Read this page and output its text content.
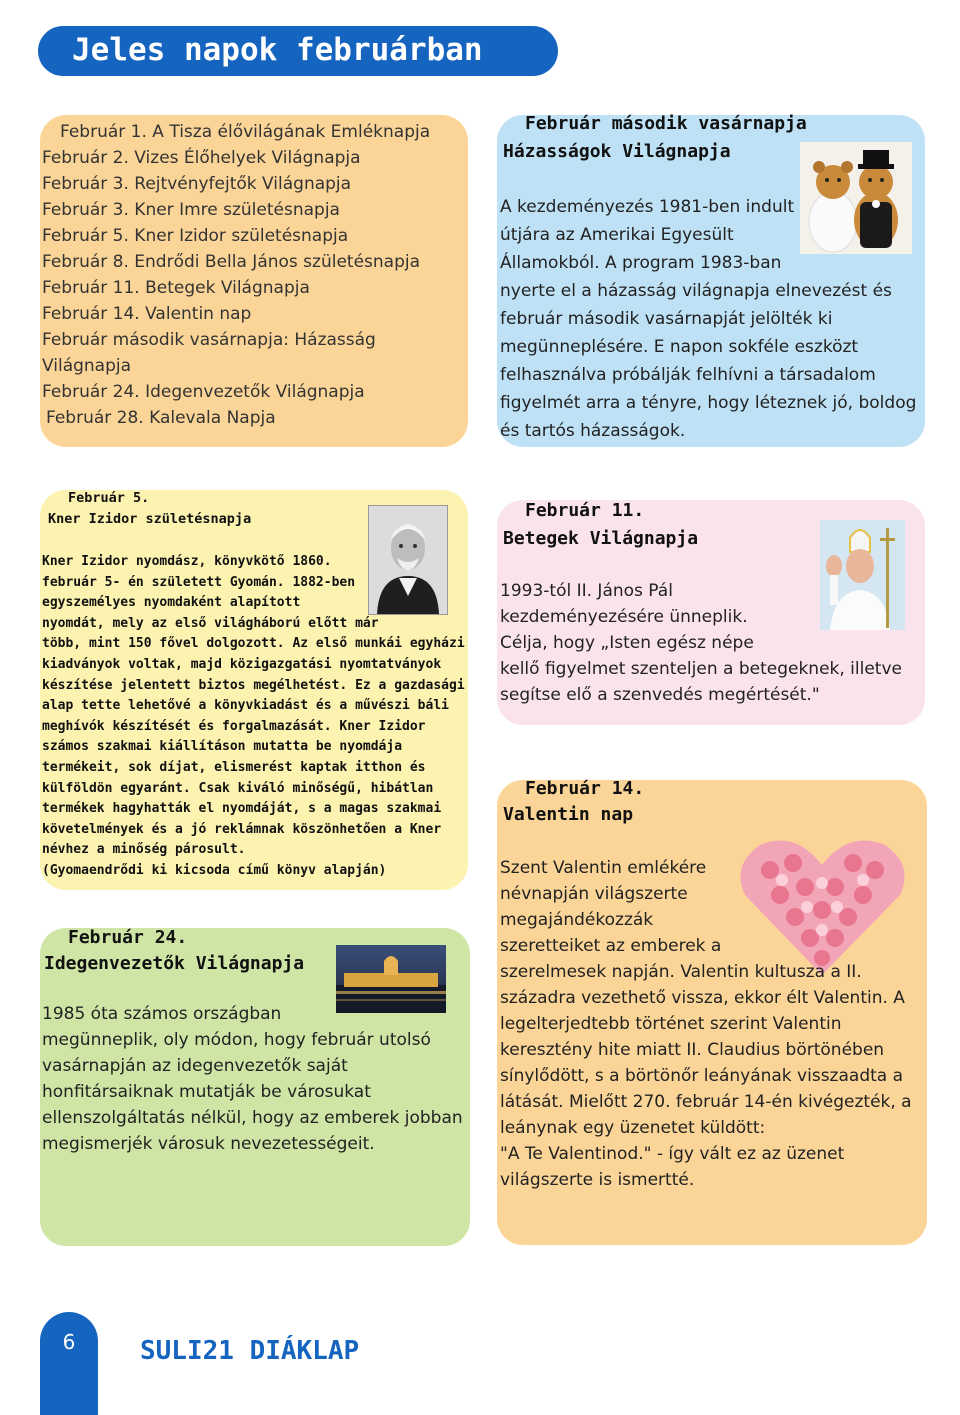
Jeles napok februárban
Február 1. A Tisza élővilágának Emléknapja
Február 2. Vizes Élőhelyek Világnapja
Február 3. Rejtvényfejtők Világnapja
Február 3. Kner Imre születésnapja
Február 5. Kner Izidor születésnapja
Február 8. Endrődi Bella János születésnapja
Február 11. Betegek Világnapja
Február 14. Valentin nap
Február második vasárnapja: Házasság
Világnapja
Február 24. Idegenvezetők Világnapja
Február 28. Kalevala Napja
Február második vasárnapja
Házasságok Világnapja
A kezdeményezés 1981-ben indult
útjára az Amerikai Egyesült
Államokból. A program 1983-ban
nyerte el a házasság világnapja elnevezést és
február második vasárnapját jelölték ki
megünneplésére. E napon sokféle eszközt
felhasználva próbálják felhívni a társadalom
figyelmét arra a tényre, hogy léteznek jó, boldog
és tartós házasságok.
Február 5.
Kner Izidor születésnapja
Kner Izidor nyomdász, könyvkötő 1860.
február 5- én született Gyomán. 1882-ben
egyszemélyes nyomdaként alapított
nyomdát, mely az első világháború előtt már
több, mint 150 fővel dolgozott. Az első munkái egyházi
kiadványok voltak, majd közigazgatási nyomtatványok
készítése jelentett biztos megélhetést. Ez a gazdasági
alap tette lehetővé a könyvkiadást és a művészi báli
meghívók készítését és forgalmazását. Kner Izidor
számos szakmai kiállításon mutatta be nyomdája
termékeit, sok díjat, elismerést kaptak itthon és
külföldön egyaránt. Csak kiváló minőségű, hibátlan
termékek hagyhatták el nyomdáját, s a magas szakmai
követelmények és a jó reklámnak köszönhetően a Kner
névhez a minőség párosult.
(Gyomaendrődi ki kicsoda című könyv alapján)
Február 11.
Betegek Világnapja
1993-tól II. János Pál
kezdeményezésére ünneplik.
Célja, hogy „Isten egész népe
kellő figyelmet szenteljen a betegeknek, illetve
segítse elő a szenvedés megértését."
Február 24.
Idegenvezetők Világnapja
1985 óta számos országban
megünneplik, oly módon, hogy február utolsó
vasárnapján az idegenvezetők saját
honfitársaiknak mutatják be városukat
ellenszolgáltatás nélkül, hogy az emberek jobban
megismerjék városuk nevezetességeit.
Február 14.
Valentin nap
Szent Valentin emlékére
névnapján világszerte
megajándékozzák
szeretteiket az emberek a
szerelmesek napján. Valentin kultusza a II.
századra vezethető vissza, ekkor élt Valentin. A
legelterjedtebb történet szerint Valentin
keresztény hite miatt II. Claudius börtönében
sínylődött, s a börtönőr leányának visszaadta a
látását. Mielőtt 270. február 14-én kivégezték, a
leánynak egy üzenetet küldött:
"A Te Valentinod." - így vált ez az üzenet
világszerte is ismertté.
6	SULI21 DIÁKLAP
